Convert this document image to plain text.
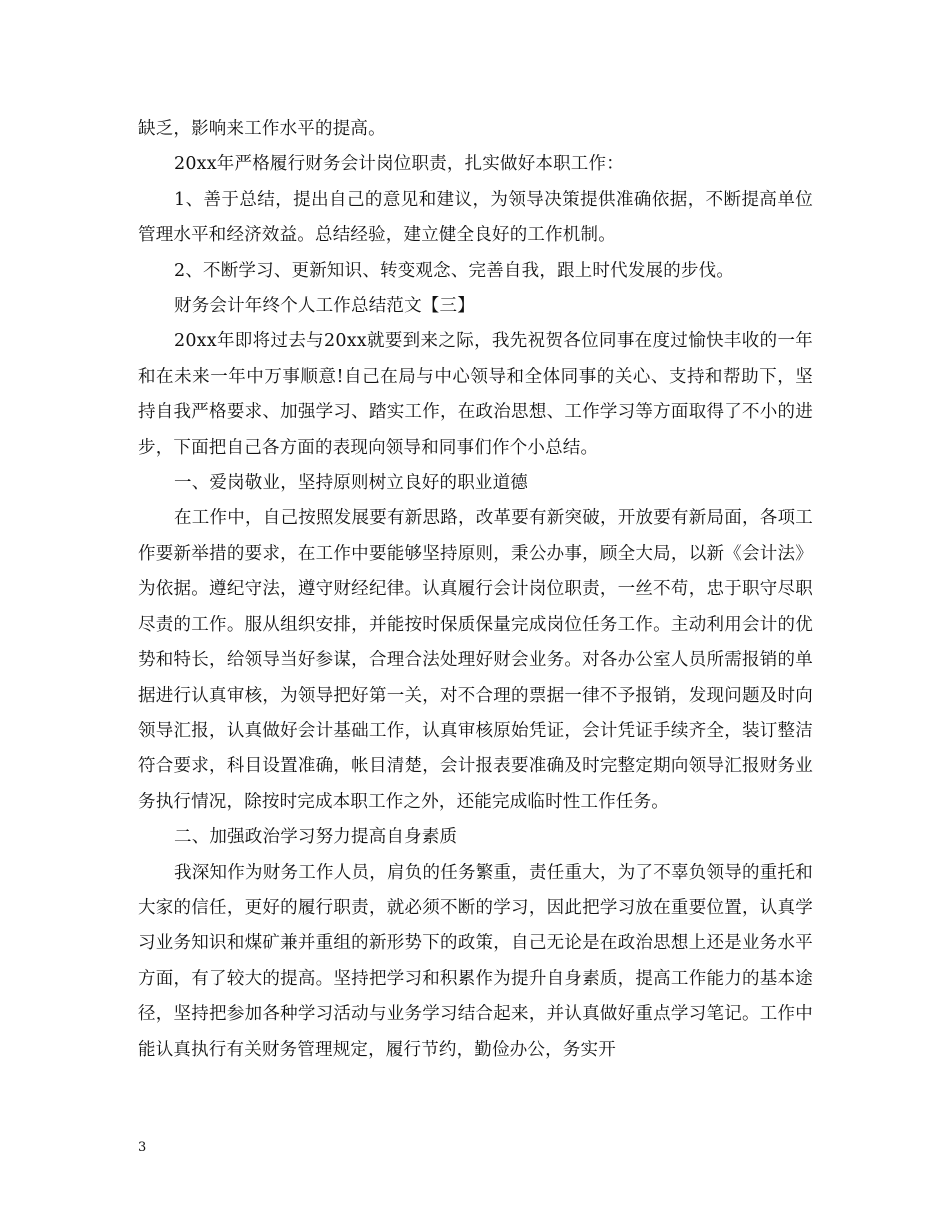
缺乏，影响来工作水平的提高。

20xx年严格履行财务会计岗位职责，扎实做好本职工作：

1、善于总结，提出自己的意见和建议，为领导决策提供准确依据，不断提高单位管理水平和经济效益。总结经验，建立健全良好的工作机制。

2、不断学习、更新知识、转变观念、完善自我，跟上时代发展的步伐。

财务会计年终个人工作总结范文【三】

20xx年即将过去与20xx就要到来之际，我先祝贺各位同事在度过愉快丰收的一年和在未来一年中万事顺意!自己在局与中心领导和全体同事的关心、支持和帮助下，坚持自我严格要求、加强学习、踏实工作，在政治思想、工作学习等方面取得了不小的进步，下面把自己各方面的表现向领导和同事们作个小总结。

一、爱岗敬业，坚持原则树立良好的职业道德

在工作中，自己按照发展要有新思路，改革要有新突破，开放要有新局面，各项工作要新举措的要求，在工作中要能够坚持原则，秉公办事，顾全大局，以新《会计法》为依据。遵纪守法，遵守财经纪律。认真履行会计岗位职责，一丝不苟，忠于职守尽职尽责的工作。服从组织安排，并能按时保质保量完成岗位任务工作。主动利用会计的优势和特长，给领导当好参谋，合理合法处理好财会业务。对各办公室人员所需报销的单据进行认真审核，为领导把好第一关，对不合理的票据一律不予报销，发现问题及时向领导汇报，认真做好会计基础工作，认真审核原始凭证，会计凭证手续齐全，装订整洁符合要求，科目设置准确，帐目清楚，会计报表要准确及时完整定期向领导汇报财务业务执行情况，除按时完成本职工作之外，还能完成临时性工作任务。

二、加强政治学习努力提高自身素质

我深知作为财务工作人员，肩负的任务繁重，责任重大，为了不辜负领导的重托和大家的信任，更好的履行职责，就必须不断的学习，因此把学习放在重要位置，认真学习业务知识和煤矿兼并重组的新形势下的政策，自己无论是在政治思想上还是业务水平方面，有了较大的提高。坚持把学习和积累作为提升自身素质，提高工作能力的基本途径，坚持把参加各种学习活动与业务学习结合起来，并认真做好重点学习笔记。工作中能认真执行有关财务管理规定，履行节约，勤俭办公，务实开

3
